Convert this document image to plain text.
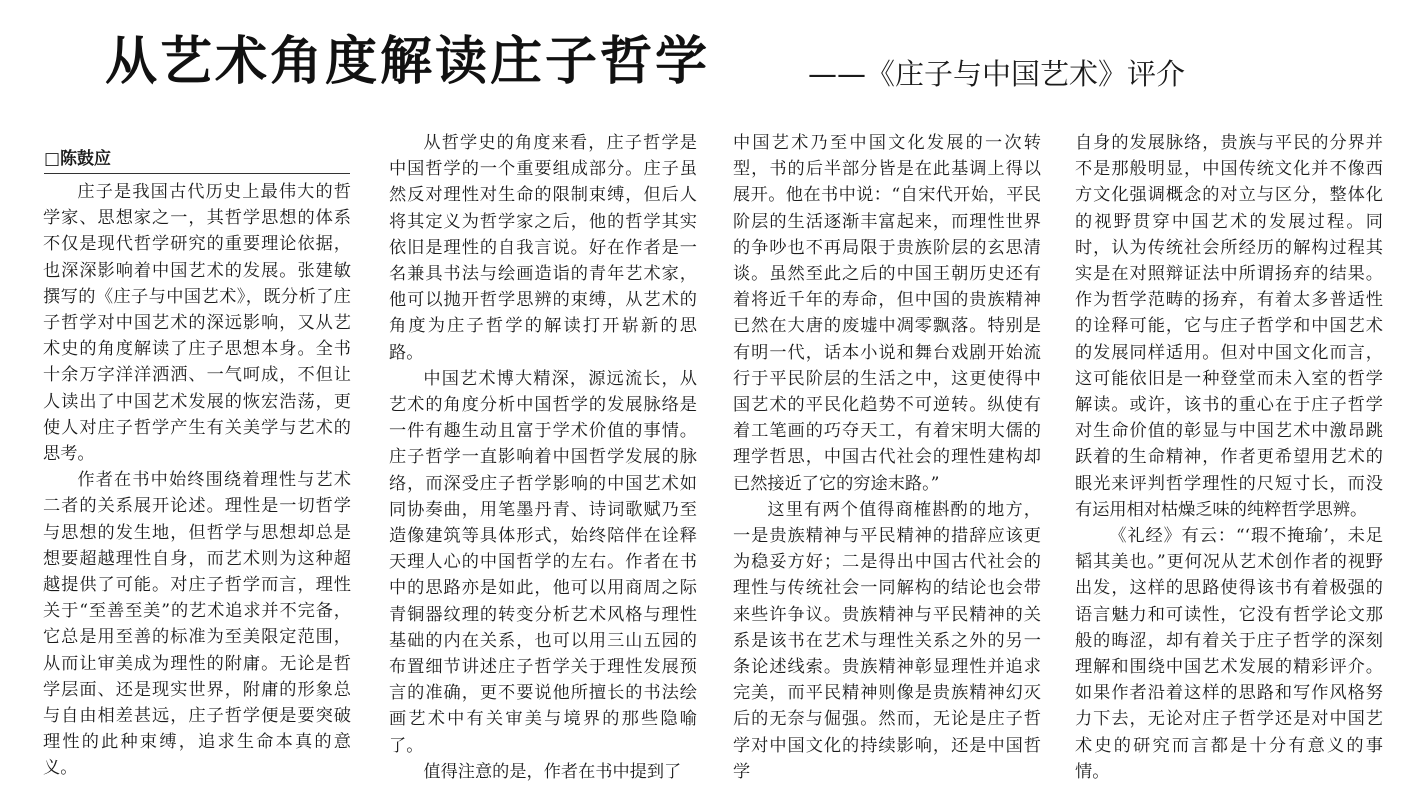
从艺术角度解读庄子哲学	——《庄子与中国艺术》评介
□陈鼓应

庄子是我国古代历史上最伟大的哲学家、思想家之一，其哲学思想的体系不仅是现代哲学研究的重要理论依据，也深深影响着中国艺术的发展。张建敏撰写的《庄子与中国艺术》，既分析了庄子哲学对中国艺术的深远影响，又从艺术史的角度解读了庄子思想本身。全书十余万字洋洋洒洒、一气呵成，不但让人读出了中国艺术发展的恢宏浩荡，更使人对庄子哲学产生有关美学与艺术的思考。

作者在书中始终围绕着理性与艺术二者的关系展开论述。理性是一切哲学与思想的发生地，但哲学与思想却总是想要超越理性自身，而艺术则为这种超越提供了可能。对庄子哲学而言，理性关于“至善至美”的艺术追求并不完备，它总是用至善的标准为至美限定范围，从而让审美成为理性的附庸。无论是哲学层面、还是现实世界，附庸的形象总与自由相差甚远，庄子哲学便是要突破理性的此种束缚，追求生命本真的意义。

从哲学史的角度来看，庄子哲学是中国哲学的一个重要组成部分。庄子虽然反对理性对生命的限制束缚，但后人将其定义为哲学家之后，他的哲学其实依旧是理性的自我言说。好在作者是一名兼具书法与绘画造诣的青年艺术家，他可以抛开哲学思辨的束缚，从艺术的角度为庄子哲学的解读打开崭新的思路。

中国艺术博大精深，源远流长，从艺术的角度分析中国哲学的发展脉络是一件有趣生动且富于学术价值的事情。庄子哲学一直影响着中国哲学发展的脉络，而深受庄子哲学影响的中国艺术如同协奏曲，用笔墨丹青、诗词歌赋乃至造像建筑等具体形式，始终陪伴在诠释天理人心的中国哲学的左右。作者在书中的思路亦是如此，他可以用商周之际青铜器纹理的转变分析艺术风格与理性基础的内在关系，也可以用三山五园的布置细节讲述庄子哲学关于理性发展预言的准确，更不要说他所擅长的书法绘画艺术中有关审美与境界的那些隐喻了。

值得注意的是，作者在书中提到了

中国艺术乃至中国文化发展的一次转型，书的后半部分皆是在此基调上得以展开。他在书中说：“自宋代开始，平民阶层的生活逐渐丰富起来，而理性世界的争吵也不再局限于贵族阶层的玄思清谈。虽然至此之后的中国王朝历史还有着将近千年的寿命，但中国的贵族精神已然在大唐的废墟中凋零飘落。特别是有明一代，话本小说和舞台戏剧开始流行于平民阶层的生活之中，这更使得中国艺术的平民化趋势不可逆转。纵使有着工笔画的巧夺天工，有着宋明大儒的理学哲思，中国古代社会的理性建构却已然接近了它的穷途末路。”

这里有两个值得商榷斟酌的地方，一是贵族精神与平民精神的措辞应该更为稳妥方好；二是得出中国古代社会的理性与传统社会一同解构的结论也会带来些许争议。贵族精神与平民精神的关系是该书在艺术与理性关系之外的另一条论述线索。贵族精神彰显理性并追求完美，而平民精神则像是贵族精神幻灭后的无奈与倔强。然而，无论是庄子哲学对中国文化的持续影响，还是中国哲学

自身的发展脉络，贵族与平民的分界并不是那般明显，中国传统文化并不像西方文化强调概念的对立与区分，整体化的视野贯穿中国艺术的发展过程。同时，认为传统社会所经历的解构过程其实是在对照辩证法中所谓扬弃的结果。作为哲学范畴的扬弃，有着太多普适性的诠释可能，它与庄子哲学和中国艺术的发展同样适用。但对中国文化而言，这可能依旧是一种登堂而未入室的哲学解读。或许，该书的重心在于庄子哲学对生命价值的彰显与中国艺术中激昂跳跃着的生命精神，作者更希望用艺术的眼光来评判哲学理性的尺短寸长，而没有运用相对枯燥乏味的纯粹哲学思辨。

《礼经》有云：“‘瑕不掩瑜’，未足韬其美也。”更何况从艺术创作者的视野出发，这样的思路使得该书有着极强的语言魅力和可读性，它没有哲学论文那般的晦涩，却有着关于庄子哲学的深刻理解和围绕中国艺术发展的精彩评介。如果作者沿着这样的思路和写作风格努力下去，无论对庄子哲学还是对中国艺术史的研究而言都是十分有意义的事情。
